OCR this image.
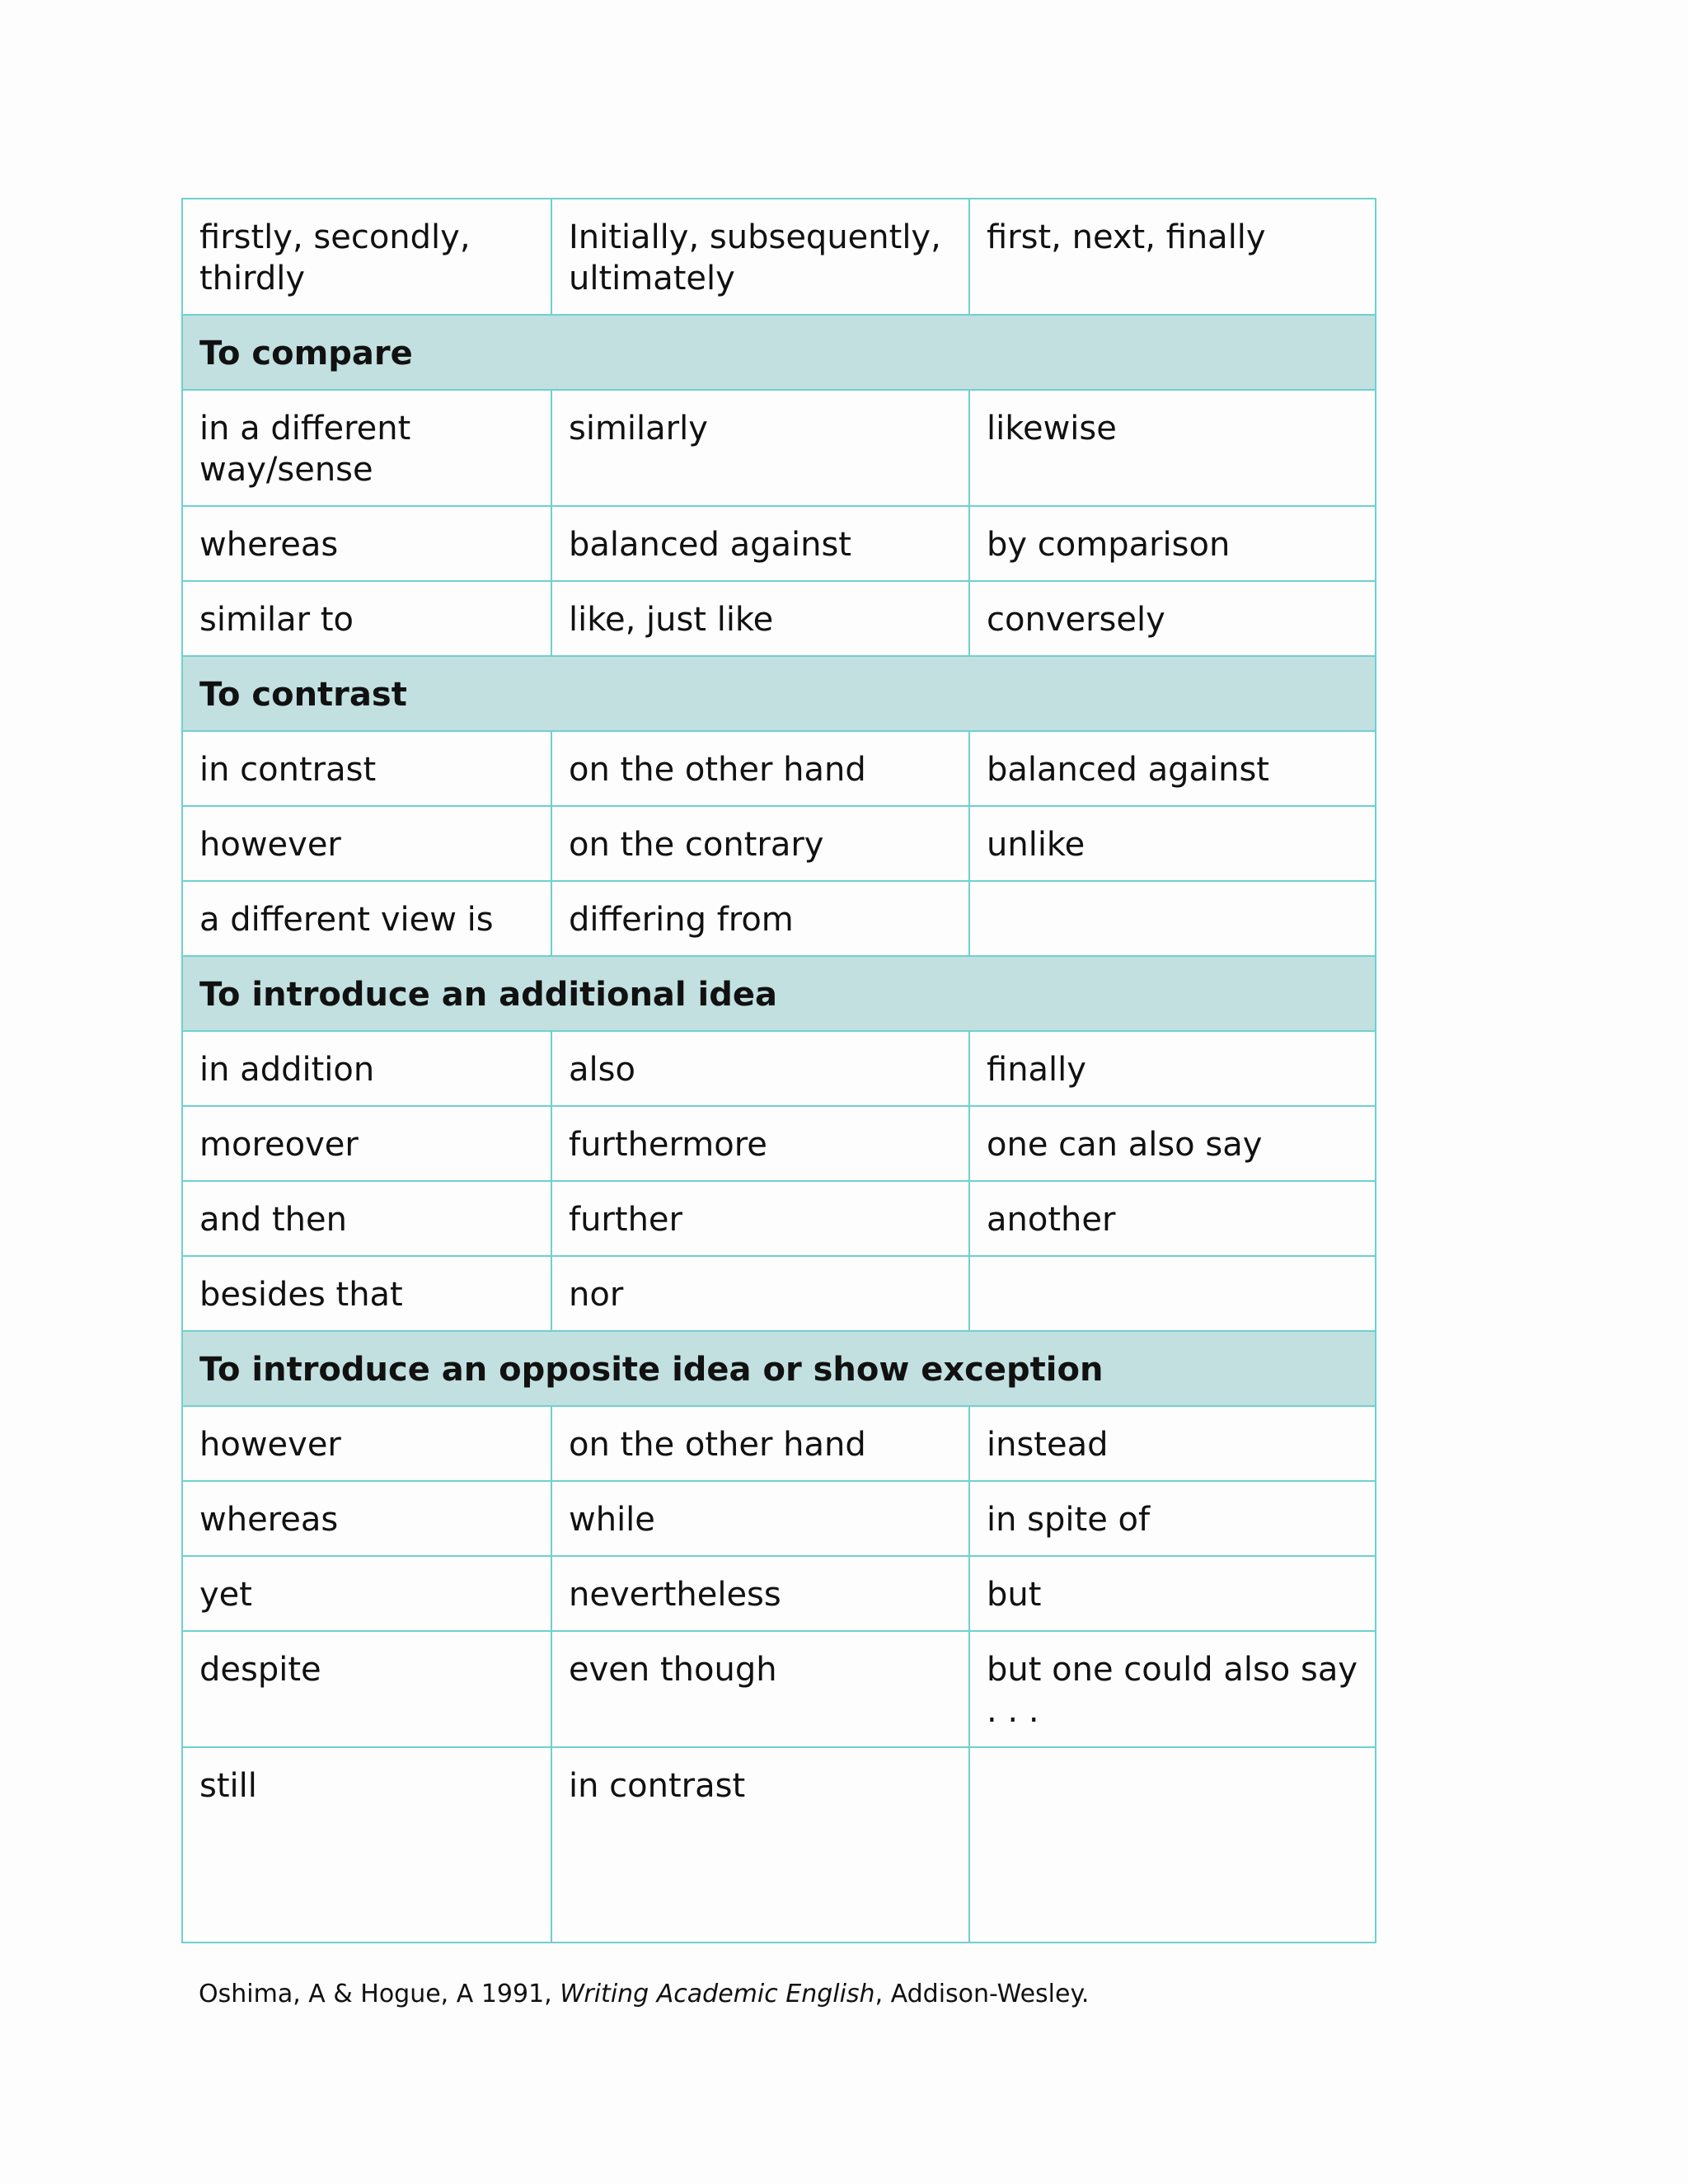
firstly, secondly, thirdly	Initially, subsequently, ultimately	first, next, finally
To compare		
in a different way/sense	similarly	likewise
whereas	balanced against	by comparison
similar to	like, just like	conversely
To contrast		
in contrast	on the other hand	balanced against
however	on the contrary	unlike
a different view is	differing from	
To introduce an additional idea		
in addition	also	finally
moreover	furthermore	one can also say
and then	further	another
besides that	nor	
To introduce an opposite idea or show exception		
however	on the other hand	instead
whereas	while	in spite of
yet	nevertheless	but
despite	even though	but one could also say . . .
still	in contrast	
Oshima, A & Hogue, A 1991, Writing Academic English, Addison-Wesley.
